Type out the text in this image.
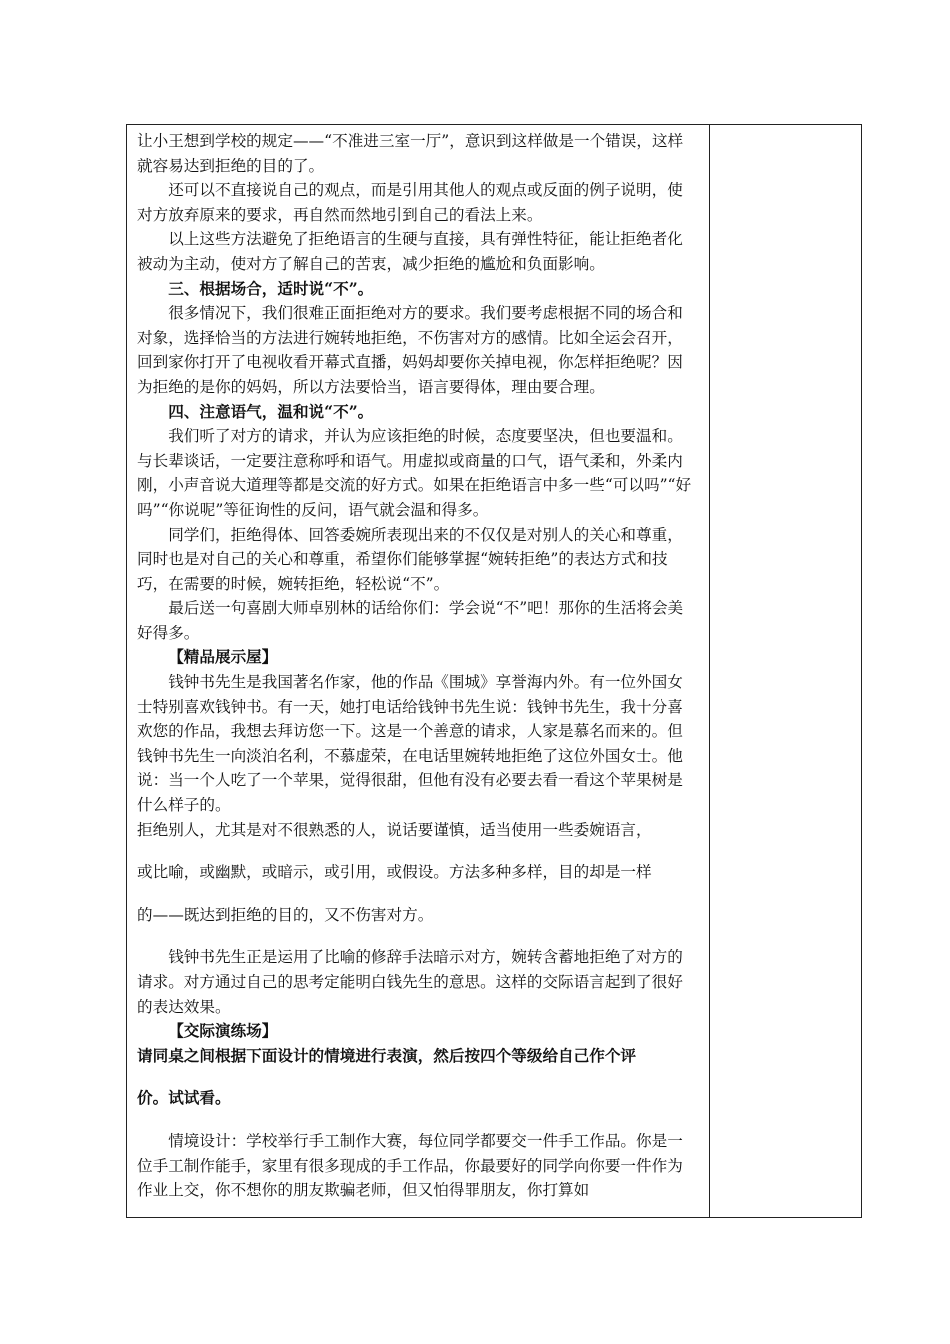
让小王想到学校的规定——“不准进三室一厅”，意识到这样做是一个错误，这样就容易达到拒绝的目的了。

还可以不直接说自己的观点，而是引用其他人的观点或反面的例子说明，使对方放弃原来的要求，再自然而然地引到自己的看法上来。

以上这些方法避免了拒绝语言的生硬与直接，具有弹性特征，能让拒绝者化被动为主动，使对方了解自己的苦衷，减少拒绝的尴尬和负面影响。

三、根据场合，适时说“不”。

很多情况下，我们很难正面拒绝对方的要求。我们要考虑根据不同的场合和对象，选择恰当的方法进行婉转地拒绝，不伤害对方的感情。比如全运会召开，回到家你打开了电视收看开幕式直播，妈妈却要你关掉电视，你怎样拒绝呢？因为拒绝的是你的妈妈，所以方法要恰当，语言要得体，理由要合理。

四、注意语气，温和说“不”。

我们听了对方的请求，并认为应该拒绝的时候，态度要坚决，但也要温和。与长辈谈话，一定要注意称呼和语气。用虚拟或商量的口气，语气柔和，外柔内刚，小声音说大道理等都是交流的好方式。如果在拒绝语言中多一些“可以吗”“好吗”“你说呢”等征询性的反问，语气就会温和得多。

同学们，拒绝得体、回答委婉所表现出来的不仅仅是对别人的关心和尊重，同时也是对自己的关心和尊重，希望你们能够掌握“婉转拒绝”的表达方式和技巧，在需要的时候，婉转拒绝，轻松说“不”。

最后送一句喜剧大师卓别林的话给你们：学会说“不”吧！那你的生活将会美好得多。

【精品展示屋】

钱钟书先生是我国著名作家，他的作品《围城》享誉海内外。有一位外国女士特别喜欢钱钟书。有一天，她打电话给钱钟书先生说：钱钟书先生，我十分喜欢您的作品，我想去拜访您一下。这是一个善意的请求，人家是慕名而来的。但钱钟书先生一向淡泊名利，不慕虚荣，在电话里婉转地拒绝了这位外国女士。他说：当一个人吃了一个苹果，觉得很甜，但他有没有必要去看一看这个苹果树是什么样子的。

拒绝别人，尤其是对不很熟悉的人，说话要谨慎，适当使用一些委婉语言，

或比喻，或幽默，或暗示，或引用，或假设。方法多种多样，目的却是一样

的——既达到拒绝的目的，又不伤害对方。

钱钟书先生正是运用了比喻的修辞手法暗示对方，婉转含蓄地拒绝了对方的请求。对方通过自己的思考定能明白钱先生的意思。这样的交际语言起到了很好的表达效果。

【交际演练场】

请同桌之间根据下面设计的情境进行表演，然后按四个等级给自己作个评

价。试试看。

情境设计：学校举行手工制作大赛，每位同学都要交一件手工作品。你是一位手工制作能手，家里有很多现成的手工作品，你最要好的同学向你要一件作为作业上交，你不想你的朋友欺骗老师，但又怕得罪朋友，你打算如
